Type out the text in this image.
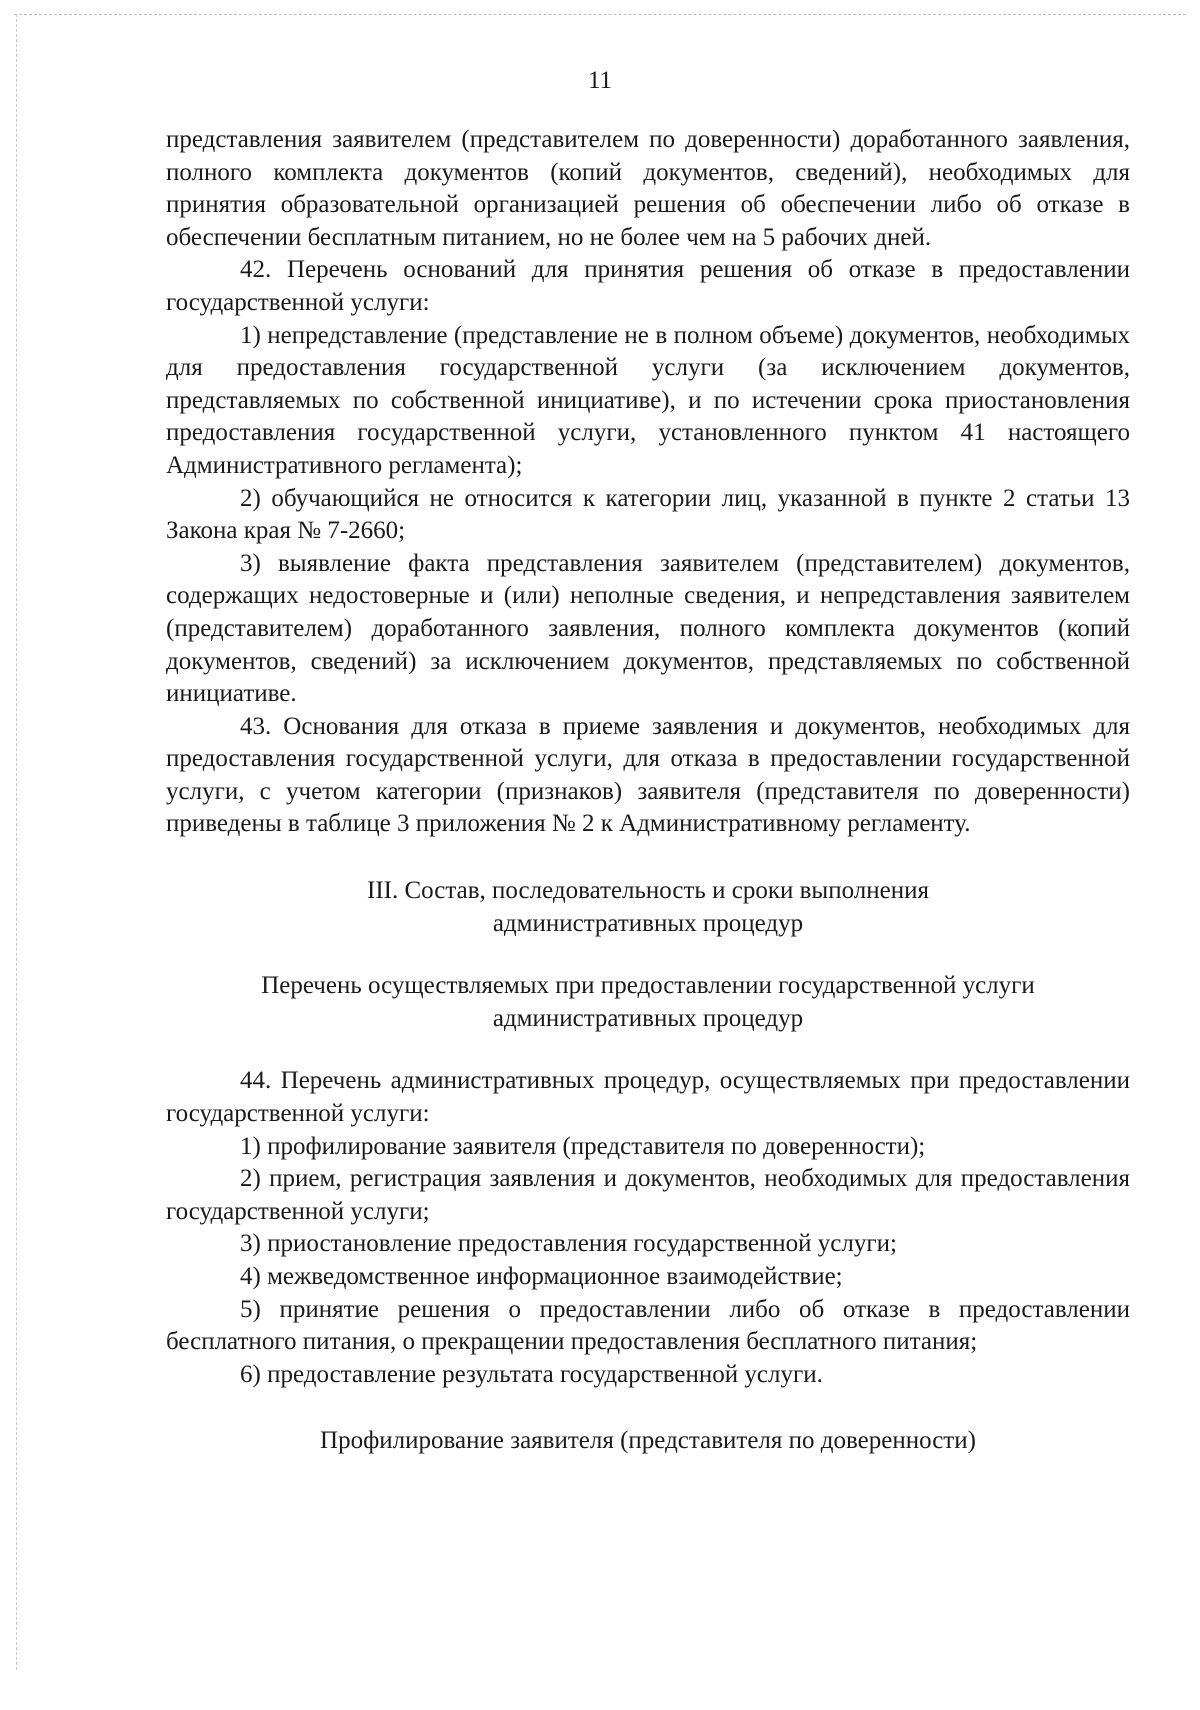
11

представления заявителем (представителем по доверенности) доработанного заявления, полного комплекта документов (копий документов, сведений), необходимых для принятия образовательной организацией решения об обеспечении либо об отказе в обеспечении бесплатным питанием, но не более чем на 5 рабочих дней.

42. Перечень оснований для принятия решения об отказе в предоставлении государственной услуги:

1) непредставление (представление не в полном объеме) документов, необходимых для предоставления государственной услуги (за исключением документов, представляемых по собственной инициативе), и по истечении срока приостановления предоставления государственной услуги, установленного пунктом 41 настоящего Административного регламента);

2) обучающийся не относится к категории лиц, указанной в пункте 2 статьи 13 Закона края № 7-2660;

3) выявление факта представления заявителем (представителем) документов, содержащих недостоверные и (или) неполные сведения, и непредставления заявителем (представителем) доработанного заявления, полного комплекта документов (копий документов, сведений) за исключением документов, представляемых по собственной инициативе.

43. Основания для отказа в приеме заявления и документов, необходимых для предоставления государственной услуги, для отказа в предоставлении государственной услуги, с учетом категории (признаков) заявителя (представителя по доверенности) приведены в таблице 3 приложения № 2 к Административному регламенту.

III. Состав, последовательность и сроки выполнения

административных процедур

Перечень осуществляемых при предоставлении государственной услуги

административных процедур

44. Перечень административных процедур, осуществляемых при предоставлении государственной услуги:

1) профилирование заявителя (представителя по доверенности);

2) прием, регистрация заявления и документов, необходимых для предоставления государственной услуги;

3) приостановление предоставления государственной услуги;

4) межведомственное информационное взаимодействие;

5) принятие решения о предоставлении либо об отказе в предоставлении бесплатного питания, о прекращении предоставления бесплатного питания;

6) предоставление результата государственной услуги.

Профилирование заявителя (представителя по доверенности)
